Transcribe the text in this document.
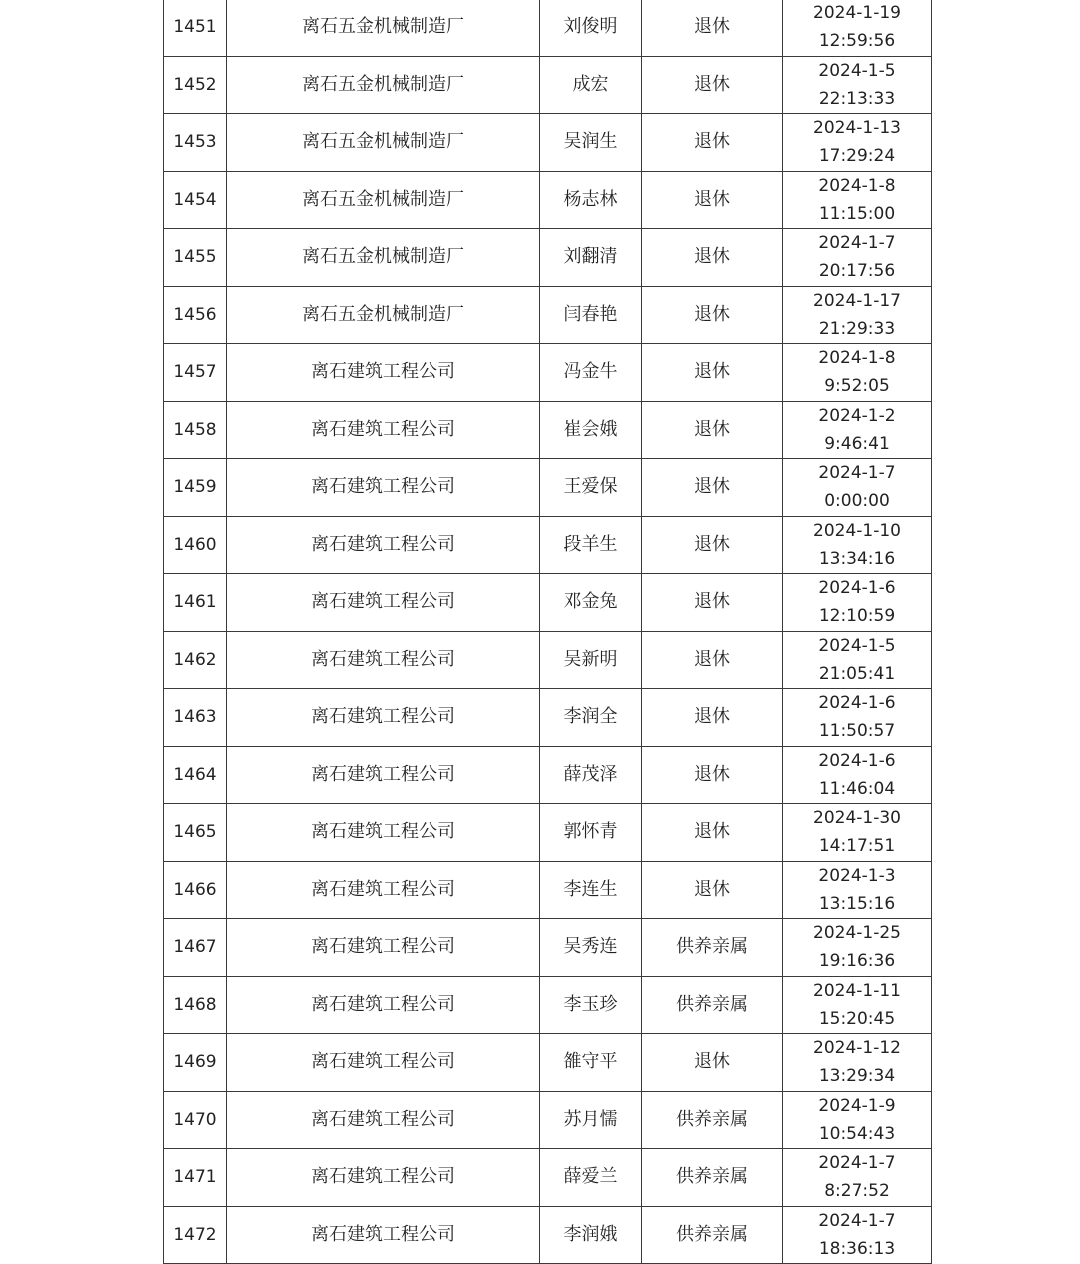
1451	离石五金机械制造厂	刘俊明	退休	2024-1-19
12:59:56

1452	离石五金机械制造厂	成宏	退休	2024-1-5
22:13:33

1453	离石五金机械制造厂	吴润生	退休	2024-1-13
17:29:24

1454	离石五金机械制造厂	杨志林	退休	2024-1-8
11:15:00

1455	离石五金机械制造厂	刘翻清	退休	2024-1-7
20:17:56

1456	离石五金机械制造厂	闫春艳	退休	2024-1-17
21:29:33

1457	离石建筑工程公司	冯金牛	退休	2024-1-8
9:52:05

1458	离石建筑工程公司	崔会娥	退休	2024-1-2
9:46:41

1459	离石建筑工程公司	王爱保	退休	2024-1-7
0:00:00

1460	离石建筑工程公司	段羊生	退休	2024-1-10
13:34:16

1461	离石建筑工程公司	邓金兔	退休	2024-1-6
12:10:59

1462	离石建筑工程公司	吴新明	退休	2024-1-5
21:05:41

1463	离石建筑工程公司	李润全	退休	2024-1-6
11:50:57

1464	离石建筑工程公司	薛茂泽	退休	2024-1-6
11:46:04

1465	离石建筑工程公司	郭怀青	退休	2024-1-30
14:17:51

1466	离石建筑工程公司	李连生	退休	2024-1-3
13:15:16

1467	离石建筑工程公司	吴秀连	供养亲属	2024-1-25
19:16:36

1468	离石建筑工程公司	李玉珍	供养亲属	2024-1-11
15:20:45

1469	离石建筑工程公司	雒守平	退休	2024-1-12
13:29:34

1470	离石建筑工程公司	苏月懦	供养亲属	2024-1-9
10:54:43

1471	离石建筑工程公司	薛爱兰	供养亲属	2024-1-7
8:27:52

1472	离石建筑工程公司	李润娥	供养亲属	2024-1-7
18:36:13
